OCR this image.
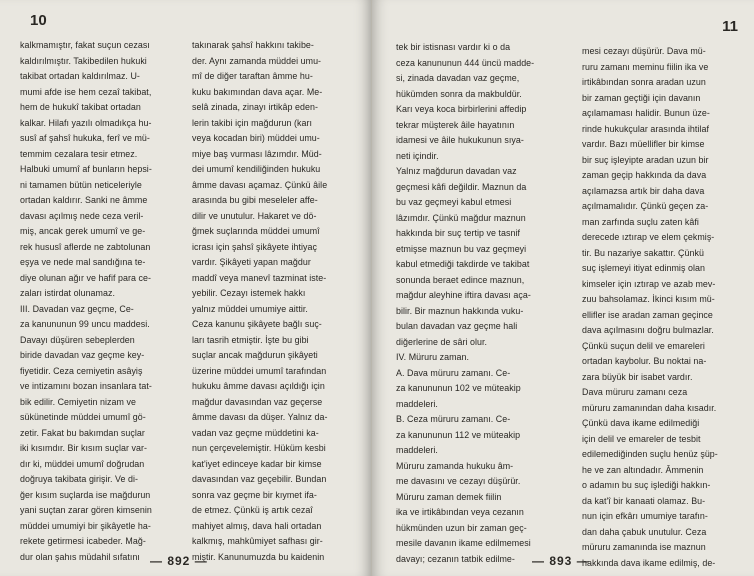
10
kalkmamıştır, fakat suçun cezası
kaldırılmıştır. Takibedilen hukuki
takibat ortadan kaldırılmaz. U-
mumi afde ise hem cezaî takibat,
hem de hukukî takibat ortadan
kalkar. Hilafı yazılı olmadıkça hu-
susî af şahsî hukuka, ferî ve mü-
temmim cezalara tesir etmez.
Halbuki umumî af bunların hepsi-
ni tamamen bütün neticeleriyle
ortadan kaldırır. Sanki ne âmme
davası açılmış nede ceza veril-
miş, ancak gerek umumî ve ge-
rek hususî aflerde ne zabtolunan
eşya ve nede mal sandığına te-
diye olunan ağır ve hafif para ce-
zaları istirdat olunamaz.
III. Davadan vaz geçme, Ce-
za kanununun 99 uncu maddesi.
Davayı düşüren sebeplerden
biride davadan vaz geçme key-
fiyetidir. Ceza cemiyetin asâyiş
ve intizamını bozan insanlara tat-
bik edilir. Cemiyetin nizam ve
sükünetinde müddei umumî gö-
zetir. Fakat bu bakımdan suçlar
iki kısımdır. Bir kısım suçlar var-
dır ki, müddei umumî doğrudan
doğruya takibata girişir. Ve di-
ğer kısım suçlarda ise mağdurun
yani suçtan zarar gören kimsenin
müddei umumiyi bir şikâyetle ha-
rekete getirmesi icabeder. Mağ-
dur olan şahıs müdahil sıfatını
takınarak şahsî hakkını takibe-
der. Aynı zamanda müddei umu-
mî de diğer taraftan âmme hu-
kuku bakımından dava açar. Me-
selâ zinada, zinayı irtikâp eden-
lerin takibi için mağdurun (karı
veya kocadan biri) müddei umu-
miye baş vurması lâzımdır. Müd-
dei umumî kendiliğinden hukuku
âmme davası açamaz. Çünkü âile
arasında bu gibi meseleler affe-
dilir ve unutulur. Hakaret ve dö-
ğmek suçlarında müddei umumî
icrası için şahsî şikâyete ihtiyaç
vardır. Şikâyeti yapan mağdur
maddî veya manevî tazminat iste-
yebilir. Cezayı istemek hakkı
yalnız müddei umumiye aittir.
Ceza kanunu şikâyete bağlı suç-
ları tasrih etmiştir. İşte bu gibi
suçlar ancak mağdurun şikâyeti
üzerine müddei umumî tarafından
hukuku âmme davası açıldığı için
mağdur davasından vaz geçerse
âmme davası da düşer. Yalnız da-
vadan vaz geçme müddetini ka-
nun çerçevelemiştir. Hüküm kesbi
kat'iyet edinceye kadar bir kimse
davasından vaz geçebilir. Bundan
sonra vaz geçme bir kıymet ifa-
de etmez. Çünkü iş artık cezaî
mahiyet almış, dava hali ortadan
kalkmış, mahkûmiyet safhası gir-
miştir. Kanunumuzda bu kaidenin
— 892 —
11
tek bir istisnası vardır ki o da
ceza kanununun 444 üncü madde-
si, zinada davadan vaz geçme,
hükümden sonra da makbuldür.
Karı veya koca birbirlerini affedip
tekrar müşterek âile hayatının
idamesi ve âile hukukunun sıya-
neti içindir.
Yalnız mağdurun davadan vaz
geçmesi kâfi değildir. Maznun da
bu vaz geçmeyi kabul etmesi
lâzımdır. Çünkü mağdur maznun
hakkında bir suç tertip ve tasnif
etmişse maznun bu vaz geçmeyi
kabul etmediği takdirde ve takibat
sonunda beraet edince maznun,
mağdur aleyhine iftira davası aça-
bilir. Bir maznun hakkında vuku-
bulan davadan vaz geçme hali
diğerlerine de sâri olur.
IV. Müruru zaman.
A. Dava müruru zamanı. Ce-
za kanununun 102 ve müteakip
maddeleri.
B. Ceza müruru zamanı. Ce-
za kanununun 112 ve müteakip
maddeleri.
Müruru zamanda hukuku âm-
me davasını ve cezayı düşürür.
Müruru zaman demek fiilin
ika ve irtikâbından veya cezanın
hükmünden uzun bir zaman geç-
mesile davanın ikame edilmemesi
davayı; cezanın tatbik edilme-
mesi cezayı düşürür. Dava mü-
ruru zamanı meminu fiilin ika ve
irtikâbından sonra aradan uzun
bir zaman geçtiği için davanın
açılamaması halidir. Bunun üze-
rinde hukukçular arasında ihtilaf
vardır. Bazı müellifler bir kimse
bir suç işleyipte aradan uzun bir
zaman geçip hakkında da dava
açılamazsa artık bir daha dava
açılmamalıdır. Çünkü geçen za-
man zarfında suçlu zaten kâfi
derecede ıztırap ve elem çekmiş-
tir. Bu nazariye sakattır. Çünkü
suç işlemeyi itiyat edinmiş olan
kimseler için ıztırap ve azab mev-
zuu bahsolamaz. İkinci kısım mü-
ellifler ise aradan zaman geçince
dava açılmasını doğru bulmazlar.
Çünkü suçun delil ve emareleri
ortadan kaybolur. Bu noktai na-
zara büyük bir isabet vardır.
Dava müruru zamanı ceza
müruru zamanından daha kısadır.
Çünkü dava ikame edilmediği
için delil ve emareler de tesbit
edilemediğinden suçlu henüz şüp-
he ve zan altındadır. Âmmenin
o adamın bu suç işlediği hakkın-
da kat'î bir kanaati olamaz. Bu-
nun için efkârı umumiye tarafın-
dan daha çabuk unutulur. Ceza
müruru zamanında ise maznun
hakkında dava ikame edilmiş, de-
— 893 —
